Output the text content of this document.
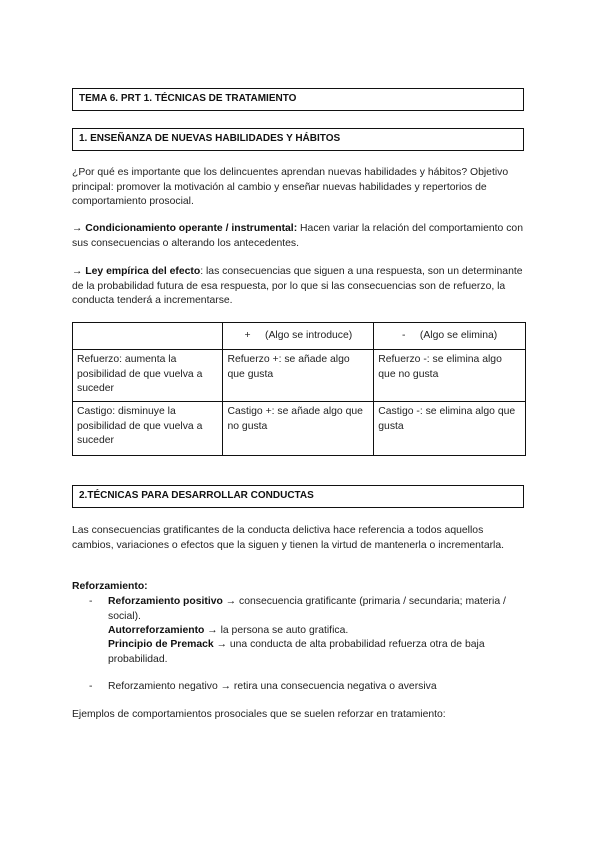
TEMA 6. PRT 1. TÉCNICAS DE TRATAMIENTO
1. ENSEÑANZA DE NUEVAS HABILIDADES Y HÁBITOS

¿Por qué es importante que los delincuentes aprendan nuevas habilidades y hábitos? Objetivo principal: promover la motivación al cambio y enseñar nuevas habilidades y repertorios de comportamiento prosocial.

→ Condicionamiento operante / instrumental: Hacen variar la relación del comportamiento con sus consecuencias o alterando los antecedentes.

→ Ley empírica del efecto: las consecuencias que siguen a una respuesta, son un determinante de la probabilidad futura de esa respuesta, por lo que si las consecuencias son de refuerzo, la conducta tenderá a incrementarse.

	+     (Algo se introduce)	-     (Algo se elimina)
Refuerzo: aumenta la posibilidad de que vuelva a suceder	Refuerzo +: se añade algo que gusta	Refuerzo -: se elimina algo que no gusta
Castigo: disminuye la posibilidad de que vuelva a suceder	Castigo +: se añade algo que no gusta	Castigo -: se elimina algo que gusta
2.TÉCNICAS PARA DESARROLLAR CONDUCTAS

Las consecuencias gratificantes de la conducta delictiva hace referencia a todos aquellos cambios, variaciones o efectos que la siguen y tienen la virtud de mantenerla o incrementarla.

Reforzamiento:
- Reforzamiento positivo → consecuencia gratificante (primaria / secundaria; materia / social).
Autorreforzamiento → la persona se auto gratifica.
Principio de Premack → una conducta de alta probabilidad refuerza otra de baja probabilidad.
- Reforzamiento negativo → retira una consecuencia negativa o aversiva

Ejemplos de comportamientos prosociales que se suelen reforzar en tratamiento:
